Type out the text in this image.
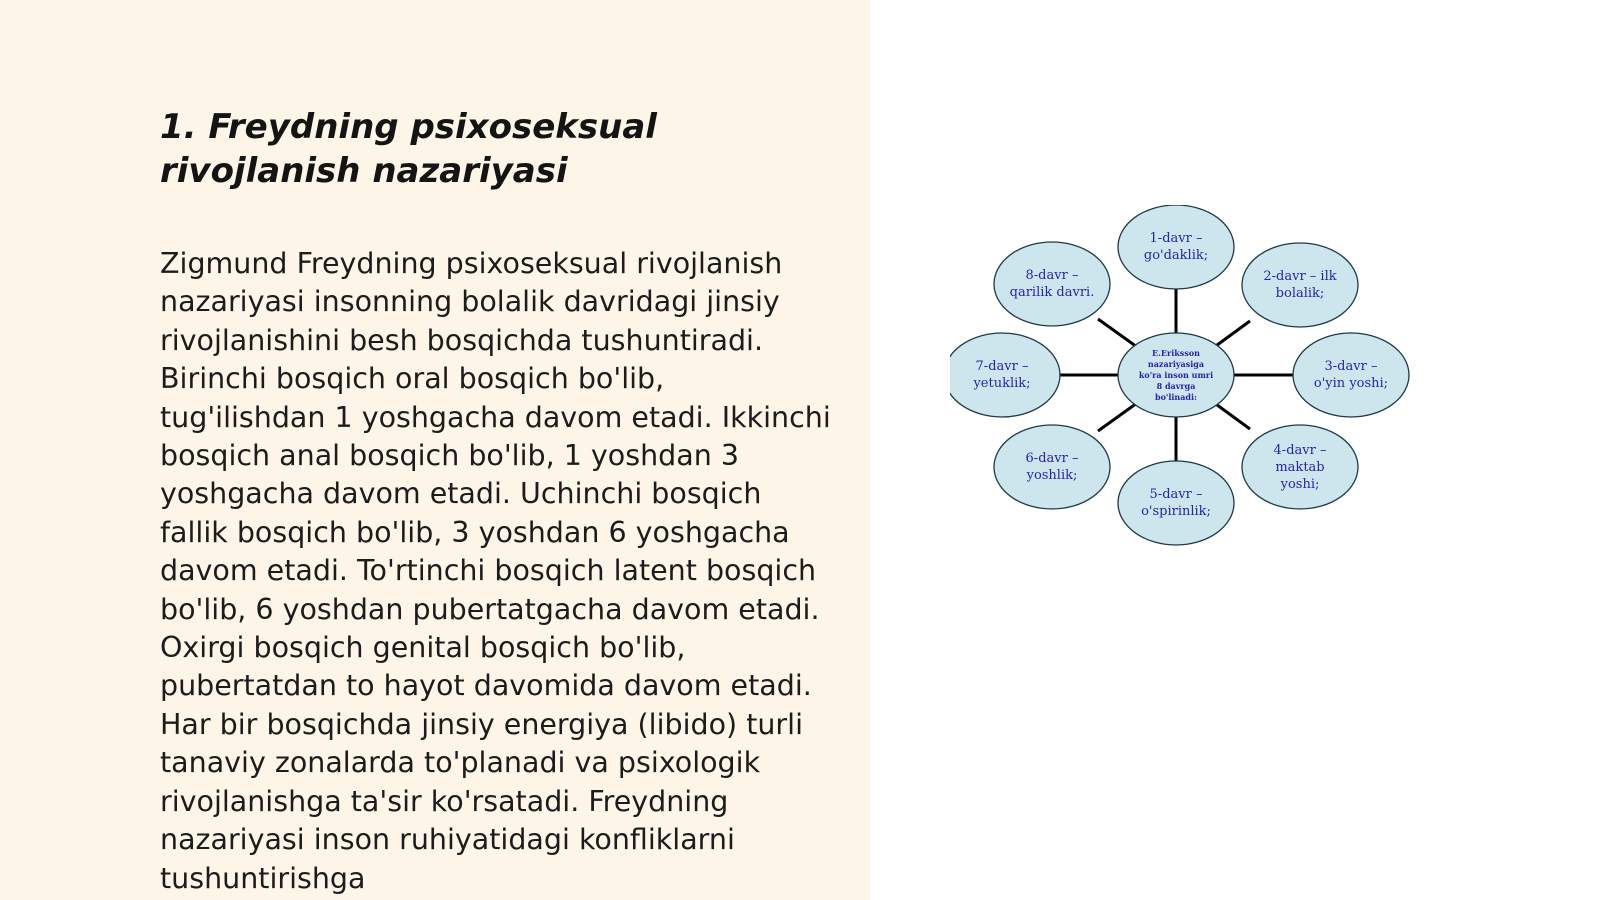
1. Freydning psixoseksual rivojlanish nazariyasi

Zigmund Freydning psixoseksual rivojlanish nazariyasi insonning bolalik davridagi jinsiy rivojlanishini besh bosqichda tushuntiradi. Birinchi bosqich oral bosqich bo'lib, tug'ilishdan 1 yoshgacha davom etadi. Ikkinchi bosqich anal bosqich bo'lib, 1 yoshdan 3 yoshgacha davom etadi. Uchinchi bosqich fallik bosqich bo'lib, 3 yoshdan 6 yoshgacha davom etadi. To'rtinchi bosqich latent bosqich bo'lib, 6 yoshdan pubertatgacha davom etadi. Oxirgi bosqich genital bosqich bo'lib, pubertatdan to hayot davomida davom etadi. Har bir bosqichda jinsiy energiya (libido) turli tanaviy zonalarda to'planadi va psixologik rivojlanishga ta'sir ko'rsatadi. Freydning nazariyasi inson ruhiyatidagi konfliklarni tushuntirishga

1-davr –
go'daklik;
2-davr – ilk
bolalik;
3-davr –
o'yin yoshi;
4-davr –
maktab
yoshi;
5-davr –
o'spirinlik;
6-davr –
yoshlik;
7-davr –
yetuklik;
8-davr –
qarilik davri.
E.Eriksson
nazariyasiga
ko'ra inson umri
8 davrga
bo'linadi:
